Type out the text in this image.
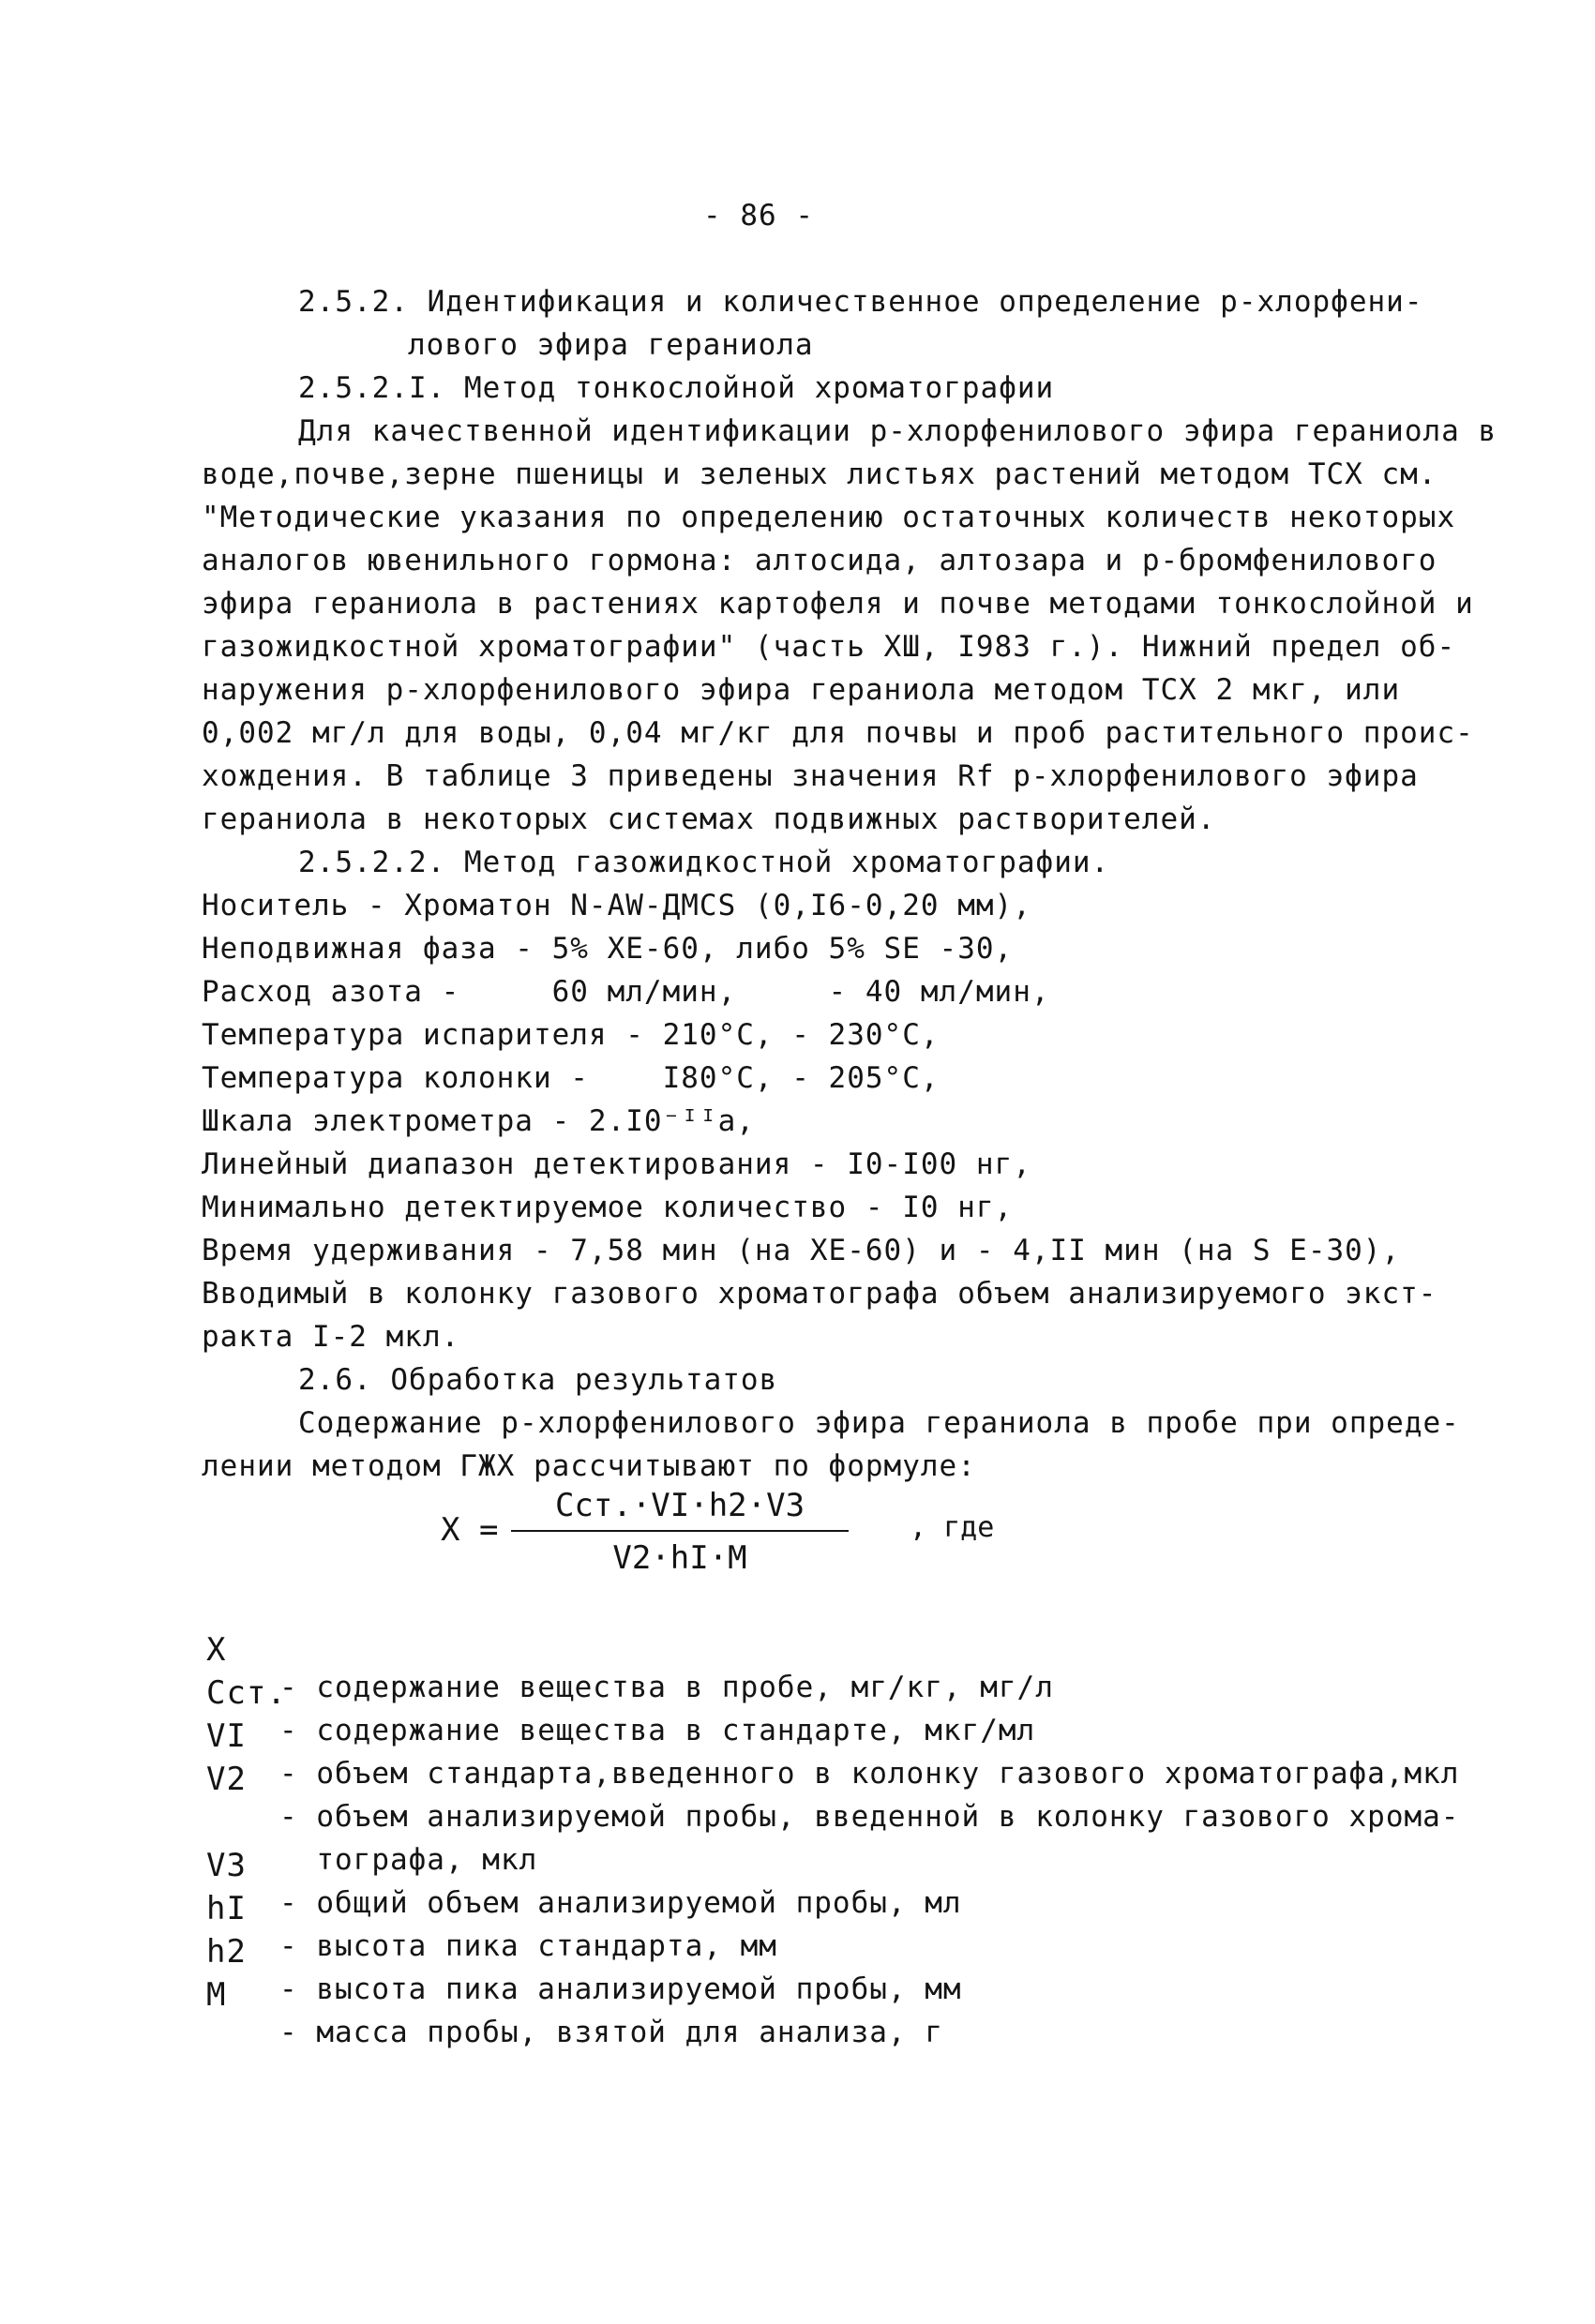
- 86 -
2.5.2. Идентификация и количественное определение р-хлорфени-
лового эфира гераниола
2.5.2.I. Метод тонкослойной хроматографии
Для качественной идентификации р-хлорфенилового эфира гераниола в
воде,почве,зерне пшеницы и зеленых листьях растений методом ТСХ см.
"Методические указания по определению остаточных количеств некоторых
аналогов ювенильного гормона: алтосида, алтозара и р-бромфенилового
эфира гераниола в растениях картофеля и почве методами тонкослойной и
газожидкостной хроматографии" (часть XШ, I983 г.). Нижний предел об-
наружения р-хлорфенилового эфира гераниола методом ТСХ 2 мкг, или
0,002 мг/л для воды, 0,04 мг/кг для почвы и проб растительного проис-
хождения. В таблице 3 приведены значения Rf р-хлорфенилового эфира
гераниола в некоторых системах подвижных растворителей.
2.5.2.2. Метод газожидкостной хроматографии.
Носитель - Хроматон N-AW-ДМСS (0,I6-0,20 мм),
Неподвижная фаза - 5% XE-60, либо 5% SE -30,
Расход азота -     60 мл/мин,     - 40 мл/мин,
Температура испарителя - 210°С, - 230°С,
Температура колонки -    I80°С, - 205°С,
Шкала электрометра - 2.I0⁻ᴵᴵа,
Линейный диапазон детектирования - I0-I00 нг,
Минимально детектируемое количество - I0 нг,
Время удерживания - 7,58 мин (на XE-60) и - 4,II мин (на S E-30),
Вводимый в колонку газового хроматографа объем анализируемого экст-
ракта I-2 мкл.
2.6. Обработка результатов
Содержание р-хлорфенилового эфира гераниола в пробе при опреде-
лении методом ГЖХ рассчитывают по формуле:
X =
Cст.·VI·h2·V3
V2·hI·M
, где

X

- содержание вещества в пробе, мг/кг, мг/л

Cст.

- содержание вещества в стандарте, мкг/мл

VI

- объем стандарта,введенного в колонку газового хроматографа,мкл

V2

- объем анализируемой пробы, введенной в колонку газового хрома-

тографа, мкл

V3

- общий объем анализируемой пробы, мл

hI

- высота пика стандарта, мм

h2

- высота пика анализируемой пробы, мм

M

- масса пробы, взятой для анализа, г
